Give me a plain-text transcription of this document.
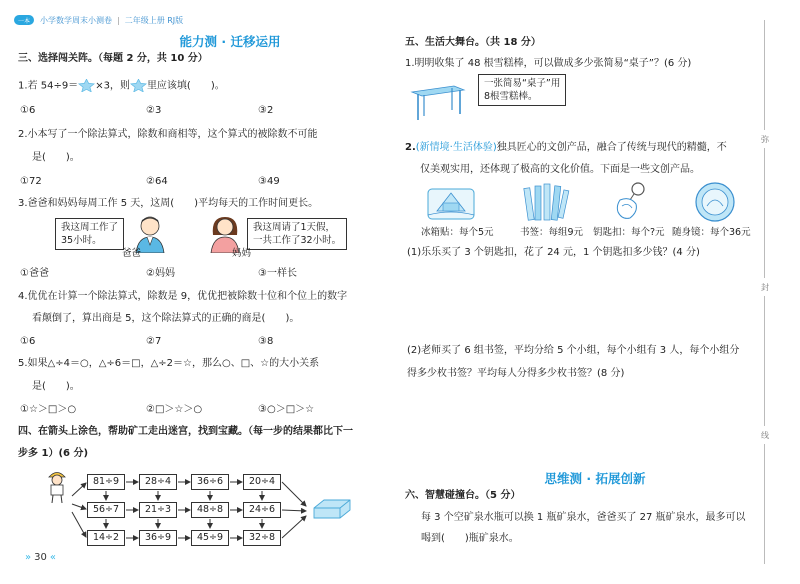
一本	小学数学周末小测卷 | 二年级上册 RJ版
能力测 · 迁移运用
三、选择闯关阵。（每题 2 分，共 10 分）
1.若 54÷9＝ ×3，则 里应该填(　　)。
①6	②3	③2
2.小本写了一个除法算式，除数和商相等，这个算式的被除数不可能
是(　　)。
①72	②64	③49
3.爸爸和妈妈每周工作 5 天，这周(　　)平均每天的工作时间更长。
我这周工作了
35小时。
爸爸
我这周请了1天假，
一共工作了32小时。
妈妈
①爸爸	②妈妈	③一样长
4.优优在计算一个除法算式，除数是 9，优优把被除数十位和个位上的数字
看颠倒了，算出商是 5，这个除法算式的正确的商是(　　)。
①6	②7	③8
5.如果△÷4＝○，△÷6＝□，△÷2＝☆，那么○、□、☆的大小关系
是(　　)。
①☆＞□＞○	②□＞☆＞○	③○＞□＞☆
四、在箭头上涂色，帮助矿工走出迷宫，找到宝藏。（每一步的结果都比下一
步多 1）(6 分)
81÷9	28÷4	36÷6	20÷4
56÷7	21÷3	48÷8	24÷6
14÷2	36÷9	45÷9	32÷8
» 30 «
五、生活大舞台。（共 18 分）
1.明明收集了 48 根雪糕棒，可以做成多少张简易“桌子”？(6 分)
一张简易“桌子”用
8根雪糕棒。
2.(新情境·生活体验)独具匠心的文创产品，融合了传统与现代的精髓，不
仅美观实用，还体现了极高的文化价值。下面是一些文创产品。
冰箱贴：每个5元	书签：每组9元 钥匙扣：每个?元 随身镜：每个36元
(1)乐乐买了 3 个钥匙扣，花了 24 元，1 个钥匙扣多少钱？(4 分)
(2)老师买了 6 组书签，平均分给 5 个小组，每个小组有 3 人，每个小组分
得多少枚书签？平均每人分得多少枚书签？(8 分)
思维测 · 拓展创新
六、智慧碰撞台。（5 分）
每 3 个空矿泉水瓶可以换 1 瓶矿泉水，爸爸买了 27 瓶矿泉水，最多可以
喝到(　　)瓶矿泉水。
弥
封
线
